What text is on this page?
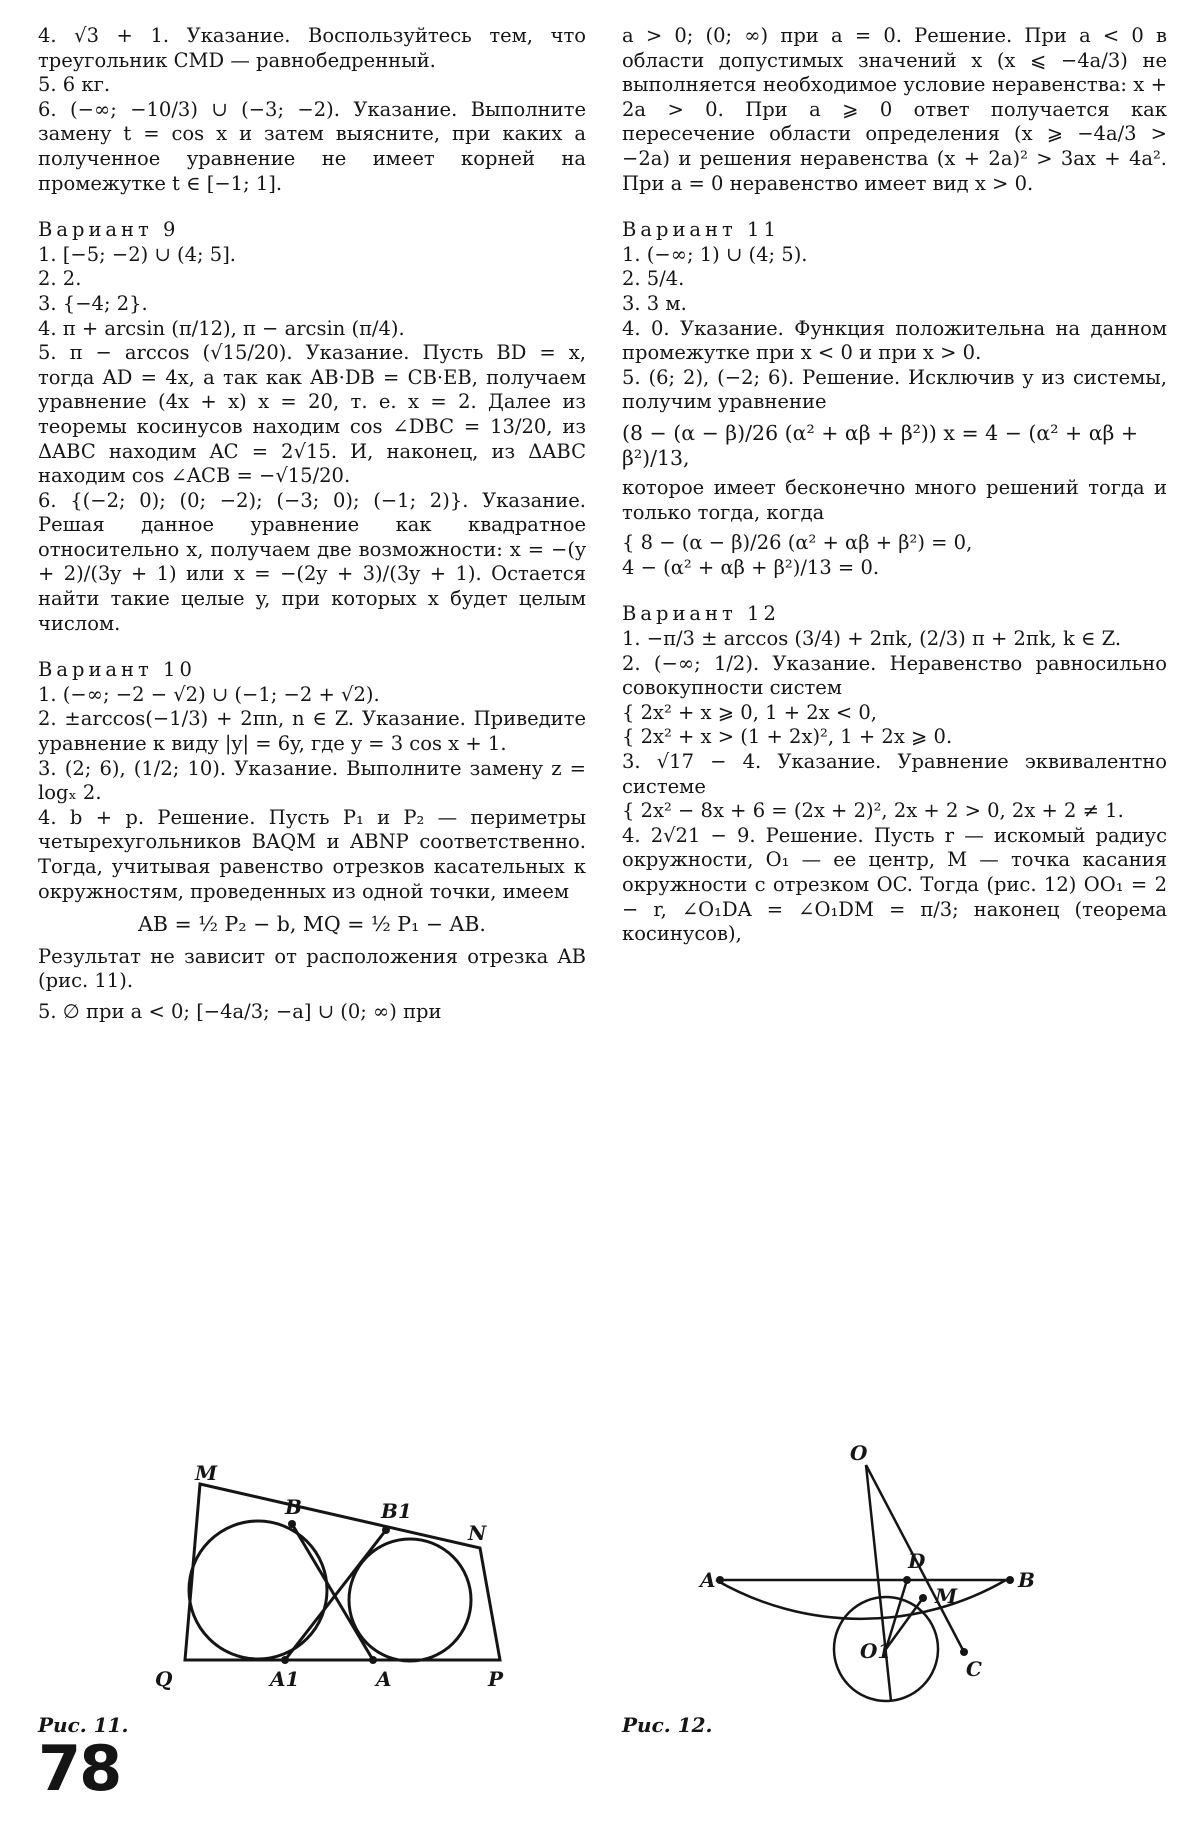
4. √3 + 1. Указание. Воспользуйтесь тем, что треугольник CMD — равнобедренный.

5. 6 кг.

6. (−∞; −10/3) ∪ (−3; −2). Указание. Выполните замену t = cos x и затем выясните, при каких a полученное уравнение не имеет корней на промежутке t ∈ [−1; 1].

Вариант 9

1. [−5; −2) ∪ (4; 5].

2. 2.

3. {−4; 2}.

4. π + arcsin (π/12), π − arcsin (π/4).

5. π − arccos (√15/20). Указание. Пусть BD = x, тогда AD = 4x, а так как AB·DB = CB·EB, получаем уравнение (4x + x) x = 20, т. е. x = 2. Далее из теоремы косинусов находим cos ∠DBC = 13/20, из ΔABC находим AC = 2√15. И, наконец, из ΔABC находим cos ∠ACB = −√15/20.

6. {(−2; 0); (0; −2); (−3; 0); (−1; 2)}. Указание. Решая данное уравнение как квадратное относительно x, получаем две возможности: x = −(y + 2)/(3y + 1) или x = −(2y + 3)/(3y + 1). Остается найти такие целые y, при которых x будет целым числом.

Вариант 10

1. (−∞; −2 − √2) ∪ (−1; −2 + √2).

2. ±arccos(−1/3) + 2πn, n ∈ Z. Указание. Приведите уравнение к виду |y| = 6y, где y = 3 cos x + 1.

3. (2; 6), (1/2; 10). Указание. Выполните замену z = logₓ 2.

4. b + p. Решение. Пусть P₁ и P₂ — периметры четырехугольников BAQM и ABNP соответственно. Тогда, учитывая равенство отрезков касательных к окружностям, проведенных из одной точки, имеем

AB = ½ P₂ − b, MQ = ½ P₁ − AB.

Результат не зависит от расположения отрезка AB (рис. 11).

5. ∅ при a < 0; [−4a/3; −a] ∪ (0; ∞) при

a > 0; (0; ∞) при a = 0. Решение. При a < 0 в области допустимых значений x (x ⩽ −4a/3) не выполняется необходимое условие неравенства: x + 2a > 0. При a ⩾ 0 ответ получается как пересечение области определения (x ⩾ −4a/3 > −2a) и решения неравенства (x + 2a)² > 3ax + 4a². При a = 0 неравенство имеет вид x > 0.

Вариант 11

1. (−∞; 1) ∪ (4; 5).

2. 5/4.

3. 3 м.

4. 0. Указание. Функция положительна на данном промежутке при x < 0 и при x > 0.

5. (6; 2), (−2; 6). Решение. Исключив y из системы, получим уравнение

(8 − (α − β)/26 (α² + αβ + β²)) x = 4 − (α² + αβ + β²)/13,

которое имеет бесконечно много решений тогда и только тогда, когда

{ 8 − (α − β)/26 (α² + αβ + β²) = 0,

4 − (α² + αβ + β²)/13 = 0.

Вариант 12

1. −π/3 ± arccos (3/4) + 2πk, (2/3) π + 2πk, k ∈ Z.

2. (−∞; 1/2). Указание. Неравенство равносильно совокупности систем

{ 2x² + x ⩾ 0, 1 + 2x < 0,

{ 2x² + x > (1 + 2x)², 1 + 2x ⩾ 0.

3. √17 − 4. Указание. Уравнение эквивалентно системе

{ 2x² − 8x + 6 = (2x + 2)², 2x + 2 > 0, 2x + 2 ≠ 1.

4. 2√21 − 9. Решение. Пусть r — искомый радиус окружности, O₁ — ее центр, M — точка касания окружности с отрезком OC. Тогда (рис. 12) OO₁ = 2 − r, ∠O₁DA = ∠O₁DM = π/3; наконец (теорема косинусов),

M
B	B1
N
Q	A1	A	P
O
A	B
D
M
O1
C
Рис. 11.	Рис. 12.
78
